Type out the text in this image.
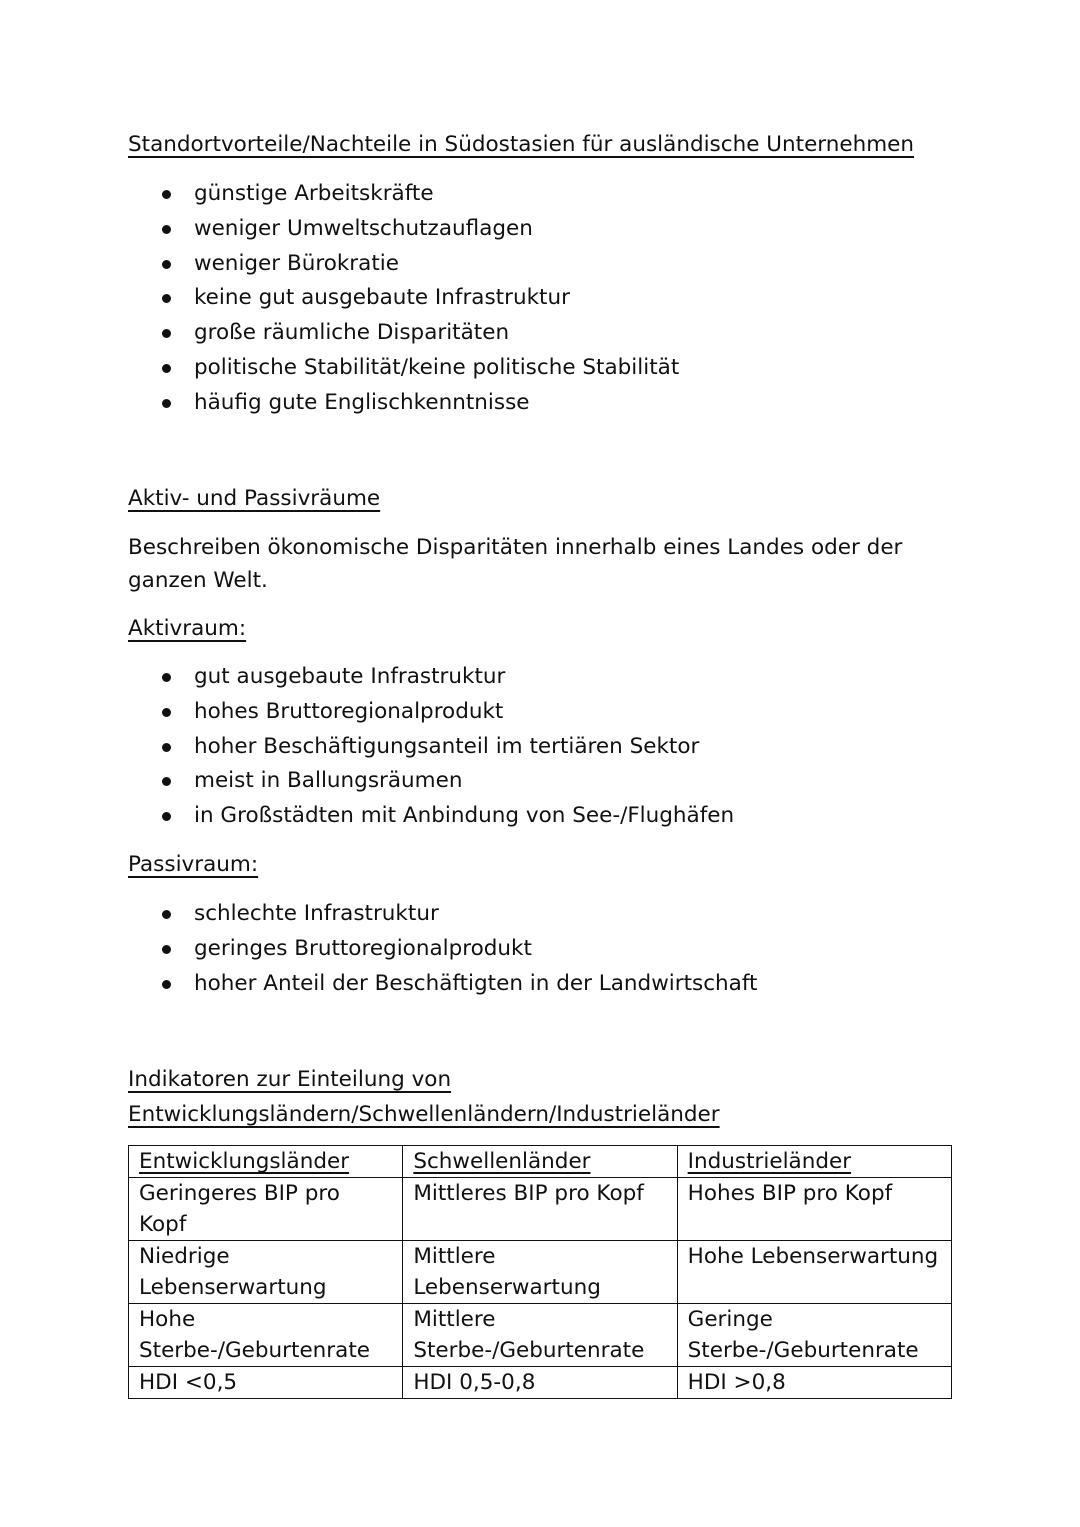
Standortvorteile/Nachteile in Südostasien für ausländische Unternehmen
günstige Arbeitskräfte
weniger Umweltschutzauflagen
weniger Bürokratie
keine gut ausgebaute Infrastruktur
große räumliche Disparitäten
politische Stabilität/keine politische Stabilität
häufig gute Englischkenntnisse
Aktiv- und Passivräume

Beschreiben ökonomische Disparitäten innerhalb eines Landes oder der ganzen Welt.

Aktivraum:
gut ausgebaute Infrastruktur
hohes Bruttoregionalprodukt
hoher Beschäftigungsanteil im tertiären Sektor
meist in Ballungsräumen
in Großstädten mit Anbindung von See-/Flughäfen
Passivraum:
schlechte Infrastruktur
geringes Bruttoregionalprodukt
hoher Anteil der Beschäftigten in der Landwirtschaft
Indikatoren zur Einteilung von
Entwicklungsländern/Schwellenländern/Industrieländer
Entwicklungsländer	Schwellenländer	Industrieländer
Geringeres BIP pro Kopf	Mittleres BIP pro Kopf	Hohes BIP pro Kopf
Niedrige Lebenserwartung	Mittlere Lebenserwartung	Hohe Lebenserwartung
Hohe Sterbe-/Geburtenrate	Mittlere Sterbe-/Geburtenrate	Geringe Sterbe-/Geburtenrate
HDI <0,5	HDI 0,5-0,8	HDI >0,8
